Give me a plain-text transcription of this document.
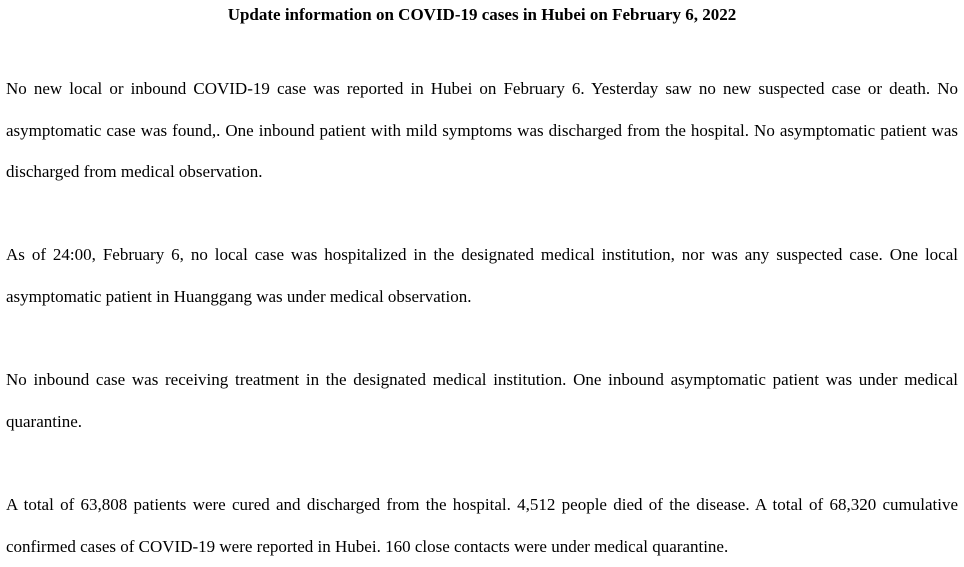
Update information on COVID-19 cases in Hubei on February 6, 2022
No new local or inbound COVID-19 case was reported in Hubei on February 6. Yesterday saw no new suspected case or death. No asymptomatic case was found,. One inbound patient with mild symptoms was discharged from the hospital. No asymptomatic patient was discharged from medical observation.
As of 24:00, February 6, no local case was hospitalized in the designated medical institution, nor was any suspected case. One local asymptomatic patient in Huanggang was under medical observation.
No inbound case was receiving treatment in the designated medical institution. One inbound asymptomatic patient was under medical quarantine.
A total of 63,808 patients were cured and discharged from the hospital. 4,512 people died of the disease. A total of 68,320 cumulative confirmed cases of COVID-19 were reported in Hubei. 160 close contacts were under medical quarantine.
